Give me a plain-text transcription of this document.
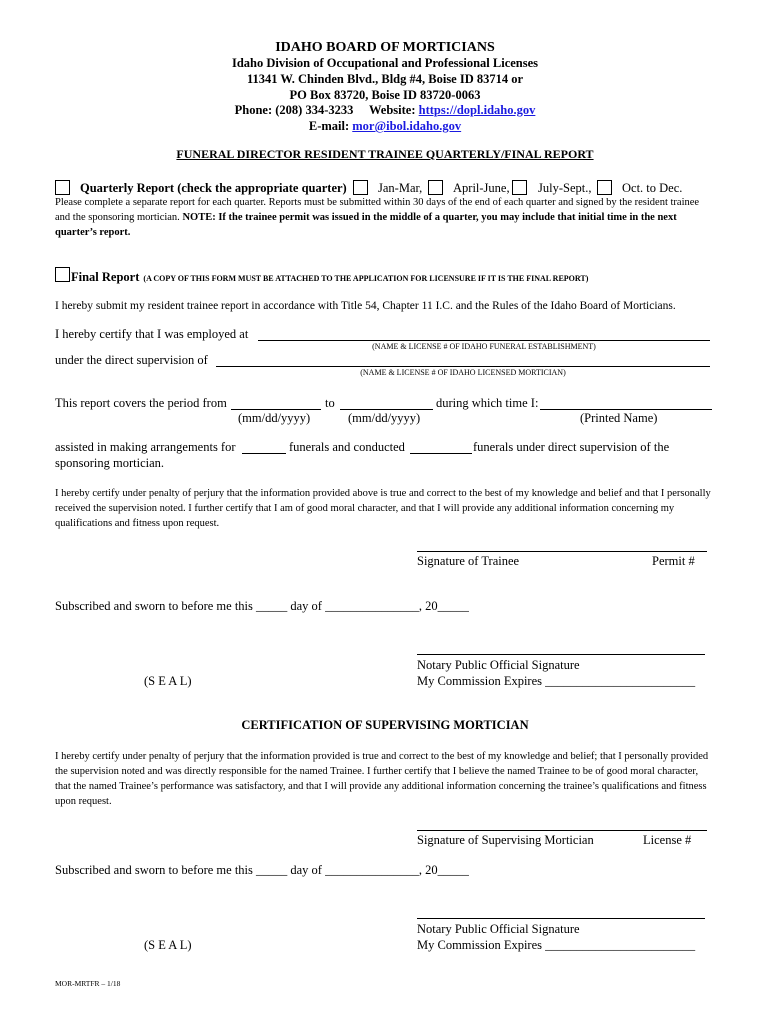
IDAHO BOARD OF MORTICIANS
Idaho Division of Occupational and Professional Licenses
11341 W. Chinden Blvd., Bldg #4, Boise ID 83714 or
PO Box 83720, Boise ID 83720-0063
Phone: (208) 334-3233 Website: https://dopl.idaho.gov
E-mail: mor@ibol.idaho.gov
FUNERAL DIRECTOR RESIDENT TRAINEE QUARTERLY/FINAL REPORT
Quarterly Report (check the appropriate quarter)	Jan-Mar, April-June, July-Sept., Oct. to Dec.
Please complete a separate report for each quarter. Reports must be submitted within 30 days of the end of each quarter and signed by the resident trainee and the sponsoring mortician. NOTE: If the trainee permit was issued in the middle of a quarter, you may include that initial time in the next quarter’s report.
Final Report (A COPY OF THIS FORM MUST BE ATTACHED TO THE APPLICATION FOR LICENSURE IF IT IS THE FINAL REPORT)
I hereby submit my resident trainee report in accordance with Title 54, Chapter 11 I.C. and the Rules of the Idaho Board of Morticians.
I hereby certify that I was employed at
(NAME & LICENSE # OF IDAHO FUNERAL ESTABLISHMENT)
under the direct supervision of
(NAME & LICENSE # OF IDAHO LICENSED MORTICIAN)
This report covers the period from	to	during which time I:
(mm/dd/yyyy)	(mm/dd/yyyy)	(Printed Name)
assisted in making arrangements for	funerals and conducted	funerals under direct supervision of the
sponsoring mortician.
I hereby certify under penalty of perjury that the information provided above is true and correct to the best of my knowledge and belief and that I personally received the supervision noted. I further certify that I am of good moral character, and that I will provide any additional information concerning my qualifications and fitness upon request.
Signature of Trainee	Permit #
Subscribed and sworn to before me this _____ day of _______________, 20_____
Notary Public Official Signature
(S E A L)	My Commission Expires ________________________
CERTIFICATION OF SUPERVISING MORTICIAN
I hereby certify under penalty of perjury that the information provided is true and correct to the best of my knowledge and belief; that I personally provided the supervision noted and was directly responsible for the named Trainee. I further certify that I believe the named Trainee to be of good moral character, that the named Trainee’s performance was satisfactory, and that I will provide any additional information concerning the trainee’s qualifications and fitness upon request.
Signature of Supervising Mortician	License #
Subscribed and sworn to before me this _____ day of _______________, 20_____
Notary Public Official Signature
(S E A L)	My Commission Expires ________________________
MOR-MRTFR – 1/18
